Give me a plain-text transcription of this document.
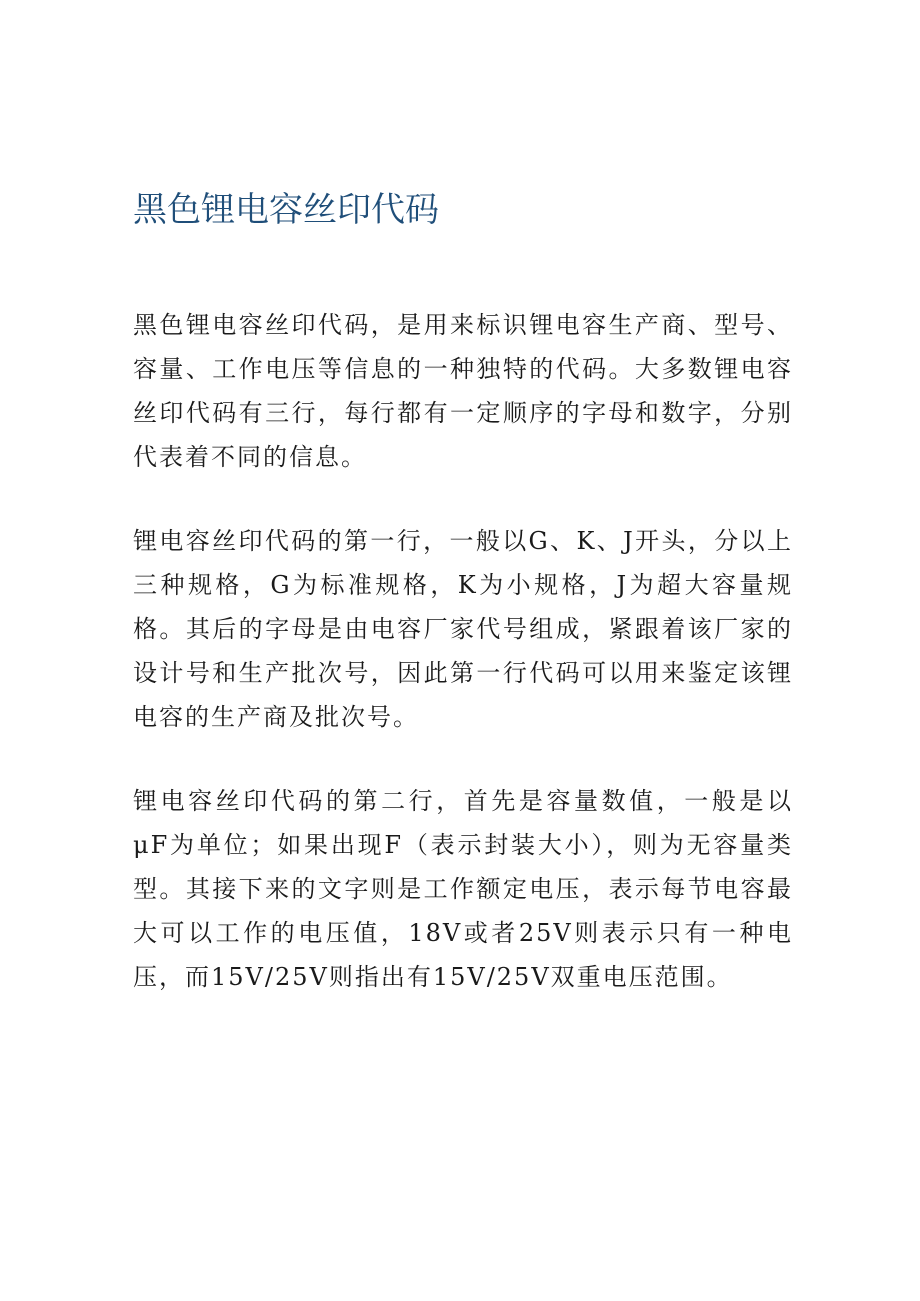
黑色锂电容丝印代码

黑色锂电容丝印代码，是用来标识锂电容生产商、型号、容量、工作电压等信息的一种独特的代码。大多数锂电容丝印代码有三行，每行都有一定顺序的字母和数字，分别代表着不同的信息。

锂电容丝印代码的第一行，一般以G、K、J开头，分以上三种规格，G为标准规格，K为小规格，J为超大容量规格。其后的字母是由电容厂家代号组成，紧跟着该厂家的设计号和生产批次号，因此第一行代码可以用来鉴定该锂电容的生产商及批次号。

锂电容丝印代码的第二行，首先是容量数值，一般是以μF为单位；如果出现F（表示封装大小），则为无容量类型。其接下来的文字则是工作额定电压，表示每节电容最大可以工作的电压值，18V或者25V则表示只有一种电压，而15V/25V则指出有15V/25V双重电压范围。
